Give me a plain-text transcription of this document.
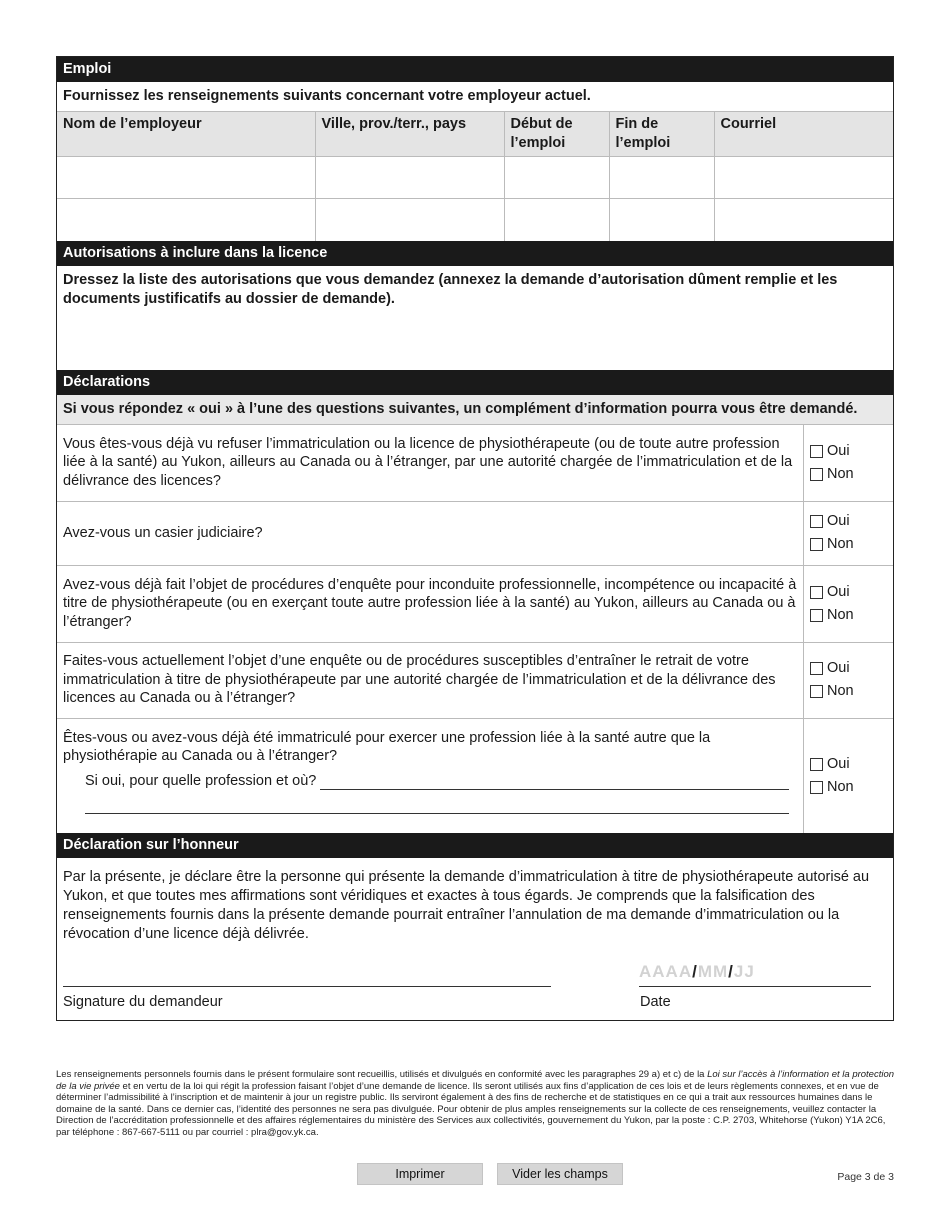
Emploi
Fournissez les renseignements suivants concernant votre employeur actuel.
Nom de l’employeur	Ville, prov./terr., pays	Début de l’emploi	Fin de l’emploi	Courriel

Autorisations à inclure dans la licence
Dressez la liste des autorisations que vous demandez (annexez la demande d’autorisation dûment remplie et les documents justificatifs au dossier de demande).
Déclarations
Si vous répondez « oui » à l’une des questions suivantes, un complément d’information pourra vous être demandé.
Vous êtes-vous déjà vu refuser l’immatriculation ou la licence de physiothérapeute (ou de toute autre profession liée à la santé) au Yukon, ailleurs au Canada ou à l’étranger, par une autorité chargée de l’immatriculation et de la délivrance des licences?
Oui
Non
Avez-vous un casier judiciaire?
Oui
Non
Avez-vous déjà fait l’objet de procédures d’enquête pour inconduite professionnelle, incompétence ou incapacité à titre de physiothérapeute (ou en exerçant toute autre profession liée à la santé) au Yukon, ailleurs au Canada ou à l’étranger?
Oui
Non
Faites-vous actuellement l’objet d’une enquête ou de procédures susceptibles d’entraîner le retrait de votre immatriculation à titre de physiothérapeute par une autorité chargée de l’immatriculation et de la délivrance des licences au Canada ou à l’étranger?
Oui
Non
Êtes-vous ou avez-vous déjà été immatriculé pour exercer une profession liée à la santé autre que la physiothérapie au Canada ou à l’étranger?
Si oui, pour quelle profession et où?
Oui
Non
Déclaration sur l’honneur
Par la présente, je déclare être la personne qui présente la demande d’immatriculation à titre de physiothérapeute autorisé au Yukon, et que toutes mes affirmations sont véridiques et exactes à tous égards. Je comprends que la falsification des renseignements fournis dans la présente demande pourrait entraîner l’annulation de ma demande d’immatriculation ou la révocation d’une licence déjà délivrée.
Signature du demandeur
AAAA/MM/JJ
Date
Les renseignements personnels fournis dans le présent formulaire sont recueillis, utilisés et divulgués en conformité avec les paragraphes 29 a) et c) de la Loi sur l’accès à l’information et la protection de la vie privée et en vertu de la loi qui régit la profession faisant l’objet d’une demande de licence. Ils seront utilisés aux fins d’application de ces lois et de leurs règlements connexes, et en vue de déterminer l’admissibilité à l’inscription et de maintenir à jour un registre public. Ils serviront également à des fins de recherche et de statistiques en ce qui a trait aux ressources humaines dans le domaine de la santé. Dans ce dernier cas, l’identité des personnes ne sera pas divulguée. Pour obtenir de plus amples renseignements sur la collecte de ces renseignements, veuillez contacter la Direction de l’accréditation professionnelle et des affaires réglementaires du ministère des Services aux collectivités, gouvernement du Yukon, par la poste : C.P. 2703, Whitehorse (Yukon) Y1A 2C6, par téléphone : 867-667-5111 ou par courriel : plra@gov.yk.ca.
Imprimer	Vider les champs	Page 3 de 3
